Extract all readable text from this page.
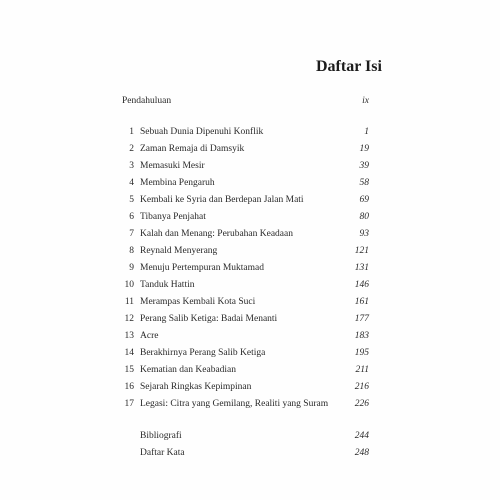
Daftar Isi
Pendahuluan	ix
1 Sebuah Dunia Dipenuhi Konflik	1
2 Zaman Remaja di Damsyik	19
3 Memasuki Mesir	39
4 Membina Pengaruh	58
5 Kembali ke Syria dan Berdepan Jalan Mati	69
6 Tibanya Penjahat	80
7 Kalah dan Menang: Perubahan Keadaan	93
8 Reynald Menyerang	121
9 Menuju Pertempuran Muktamad	131
10 Tanduk Hattin	146
11 Merampas Kembali Kota Suci	161
12 Perang Salib Ketiga: Badai Menanti	177
13 Acre	183
14 Berakhirnya Perang Salib Ketiga	195
15 Kematian dan Keabadian	211
16 Sejarah Ringkas Kepimpinan	216
17 Legasi: Citra yang Gemilang, Realiti yang Suram	226
Bibliografi	244
Daftar Kata	248
